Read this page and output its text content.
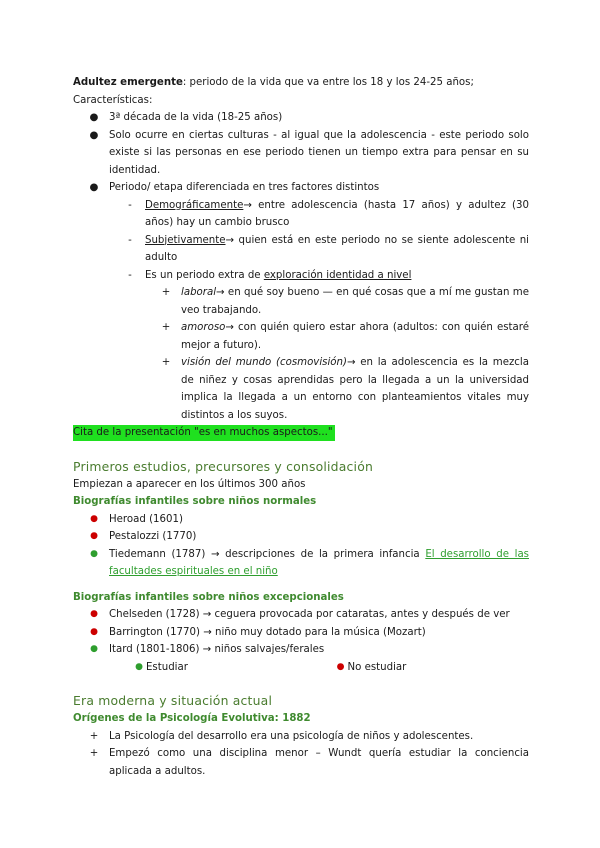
Adultez emergente: periodo de la vida que va entre los 18 y los 24-25 años;
Características:
● 3ª década de la vida (18-25 años)
● Solo ocurre en ciertas culturas - al igual que la adolescencia - este periodo solo existe si las personas en ese periodo tienen un tiempo extra para pensar en su identidad.
● Periodo/ etapa diferenciada en tres factores distintos
-	Demográficamente→ entre adolescencia (hasta 17 años) y adultez (30 años) hay un cambio brusco
-	Subjetivamente→ quien está en este periodo no se siente adolescente ni adulto
-	Es un periodo extra de exploración identidad a nivel
+ laboral→ en qué soy bueno — en qué cosas que a mí me gustan me veo trabajando.
+ amoroso→ con quién quiero estar ahora (adultos: con quién estaré mejor a futuro).
+ visión del mundo (cosmovisión)→ en la adolescencia es la mezcla de niñez y cosas aprendidas pero la llegada a un la universidad implica la llegada a un entorno con planteamientos vitales muy distintos a los suyos.
Cita de la presentación "es en muchos aspectos..."
Primeros estudios, precursores y consolidación
Empiezan a aparecer en los últimos 300 años
Biografías infantiles sobre niños normales
●	Heroad (1601)
●	Pestalozzi (1770)
●	Tiedemann (1787) → descripciones de la primera infancia El desarrollo de las facultades espirituales en el niño
Biografías infantiles sobre niños excepcionales
●	Chelseden (1728) → ceguera provocada por cataratas, antes y después de ver
●	Barrington (1770) → niño muy dotado para la música (Mozart)
●	Itard (1801-1806) → niños salvajes/ferales
● Estudiar	● No estudiar
Era moderna y situación actual
Orígenes de la Psicología Evolutiva: 1882
+ La Psicología del desarrollo era una psicología de niños y adolescentes.
+ Empezó como una disciplina menor – Wundt quería estudiar la conciencia aplicada a adultos.
